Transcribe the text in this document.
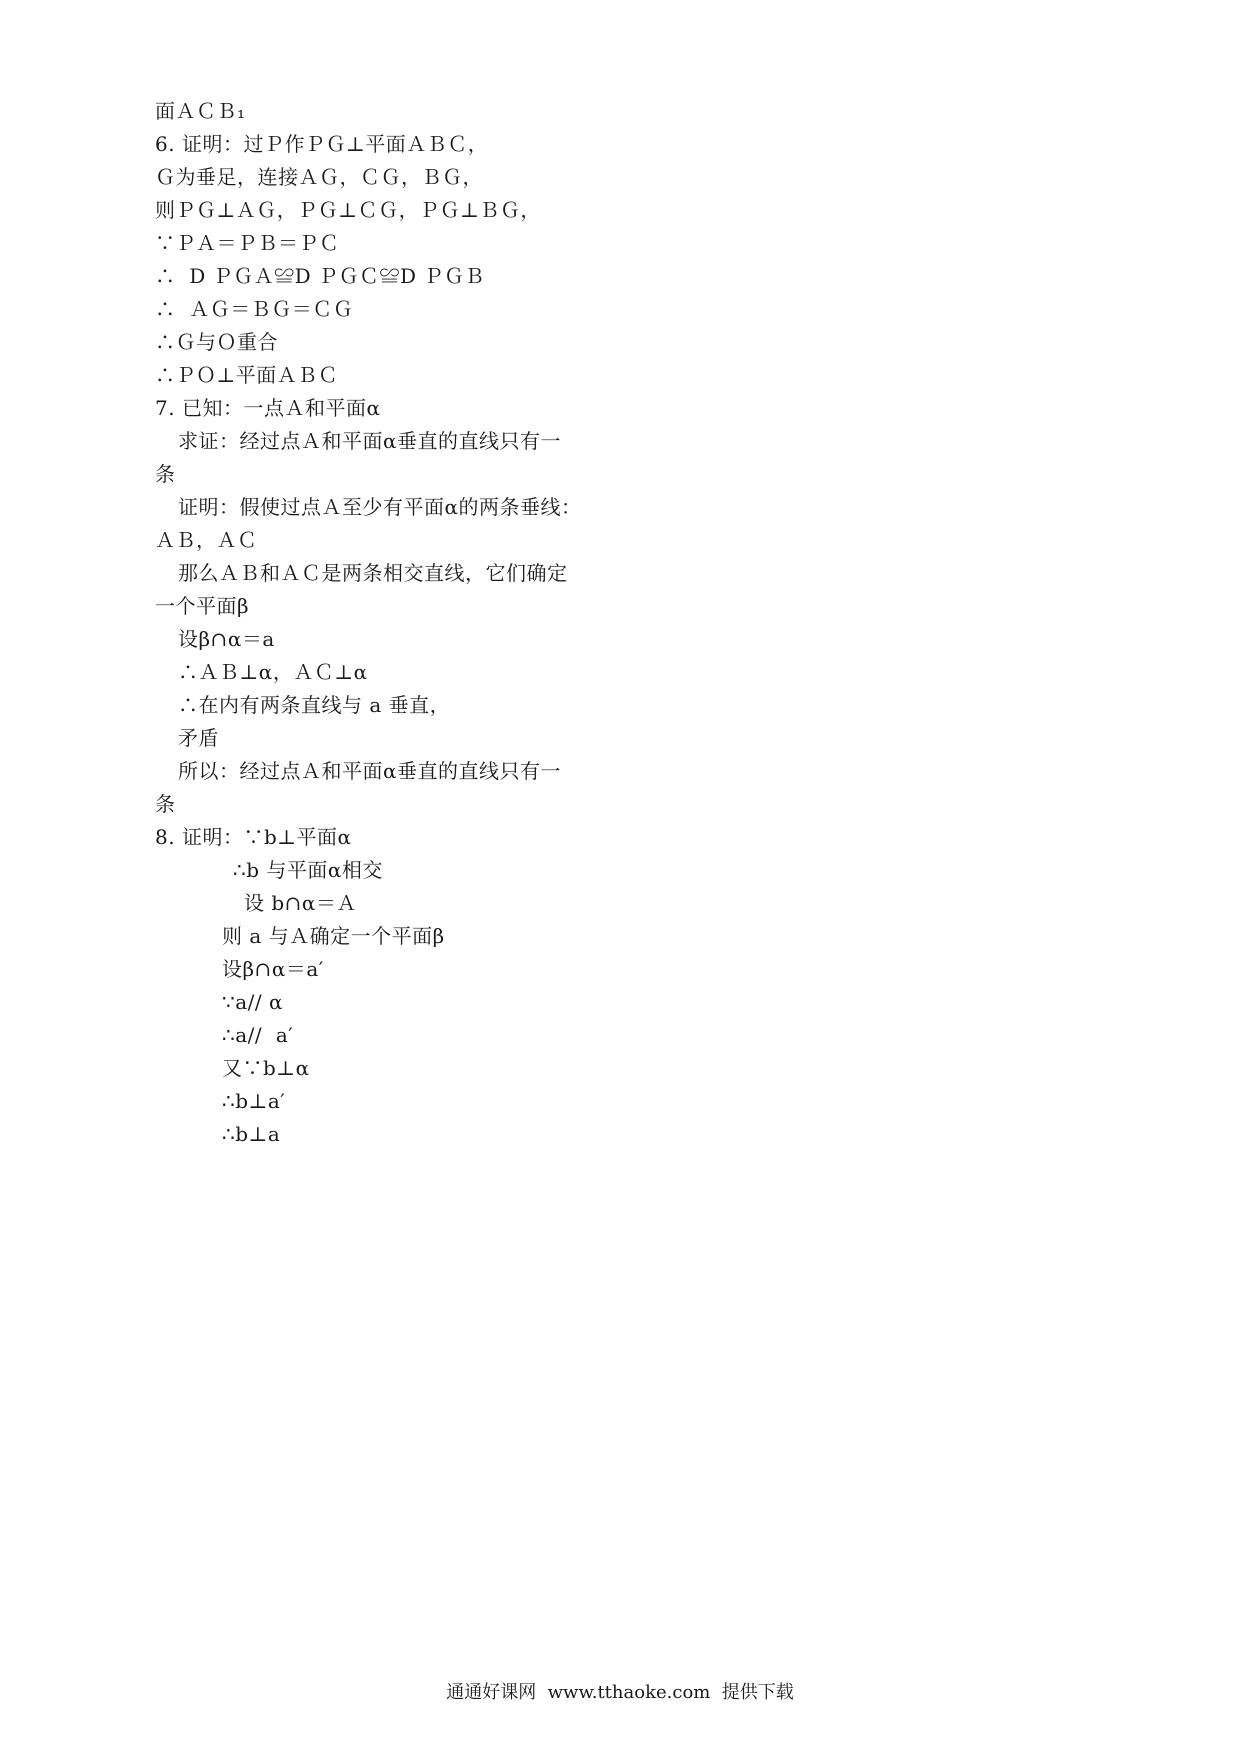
面ＡＣＢ₁
6. 证明：过Ｐ作ＰＧ⊥平面ＡＢＣ，
Ｇ为垂足，连接ＡＧ，ＣＧ，ＢＧ，
则ＰＧ⊥ＡＧ，ＰＧ⊥ＣＧ，ＰＧ⊥ＢＧ，
∵ＰＡ＝ＰＢ＝ＰＣ
∴  D ＰＧＡ≌D ＰＧＣ≌D ＰＧＢ
∴  ＡＧ＝ＢＧ＝ＣＧ
∴Ｇ与Ｏ重合
∴ＰＯ⊥平面ＡＢＣ
7. 已知：一点Ａ和平面α
求证：经过点Ａ和平面α垂直的直线只有一
条
证明：假使过点Ａ至少有平面α的两条垂线：
ＡＢ，ＡＣ
那么ＡＢ和ＡＣ是两条相交直线，它们确定
一个平面β
设β∩α＝a
∴ＡＢ⊥α，ＡＣ⊥α
∴在内有两条直线与 a 垂直，
矛盾
所以：经过点Ａ和平面α垂直的直线只有一
条
8. 证明：∵b⊥平面α
∴b 与平面α相交
设 b∩α＝Ａ
则 a 与Ａ确定一个平面β
设β∩α＝a′
∵a// α
∴a//  a′
又∵b⊥α
∴b⊥a′
∴b⊥a
通通好课网  www.tthaoke.com  提供下载
